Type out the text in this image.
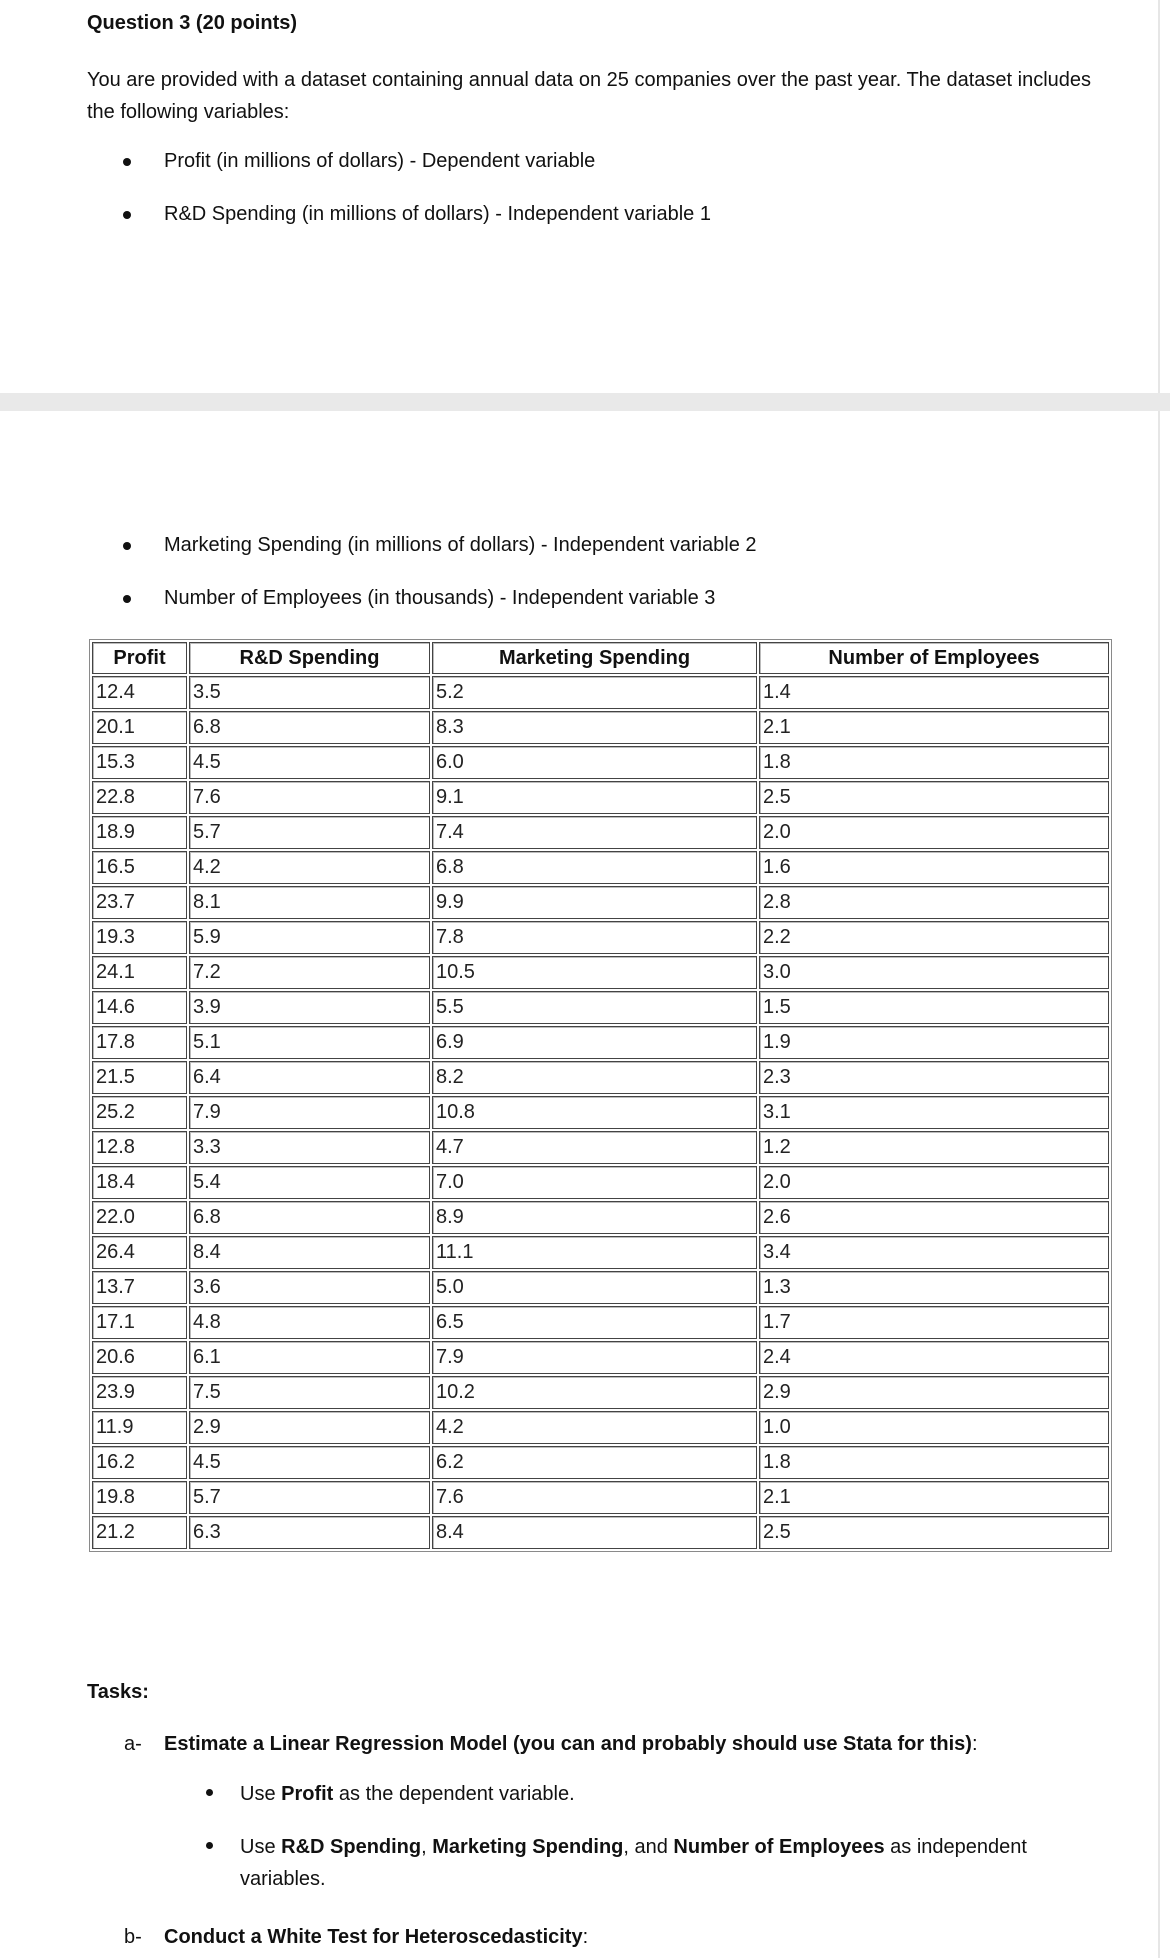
Question 3 (20 points)
You are provided with a dataset containing annual data on 25 companies over the past year. The dataset includes the following variables:
Profit (in millions of dollars) - Dependent variable
R&D Spending (in millions of dollars) - Independent variable 1
Marketing Spending (in millions of dollars) - Independent variable 2
Number of Employees (in thousands) - Independent variable 3
Profit	R&D Spending	Marketing Spending	Number of Employees
12.4	3.5	5.2	1.4
20.1	6.8	8.3	2.1
15.3	4.5	6.0	1.8
22.8	7.6	9.1	2.5
18.9	5.7	7.4	2.0
16.5	4.2	6.8	1.6
23.7	8.1	9.9	2.8
19.3	5.9	7.8	2.2
24.1	7.2	10.5	3.0
14.6	3.9	5.5	1.5
17.8	5.1	6.9	1.9
21.5	6.4	8.2	2.3
25.2	7.9	10.8	3.1
12.8	3.3	4.7	1.2
18.4	5.4	7.0	2.0
22.0	6.8	8.9	2.6
26.4	8.4	11.1	3.4
13.7	3.6	5.0	1.3
17.1	4.8	6.5	1.7
20.6	6.1	7.9	2.4
23.9	7.5	10.2	2.9
11.9	2.9	4.2	1.0
16.2	4.5	6.2	1.8
19.8	5.7	7.6	2.1
21.2	6.3	8.4	2.5
Tasks:
a- Estimate a Linear Regression Model (you can and probably should use Stata for this):
Use Profit as the dependent variable.
Use R&D Spending, Marketing Spending, and Number of Employees as independent variables.
b- Conduct a White Test for Heteroscedasticity:
